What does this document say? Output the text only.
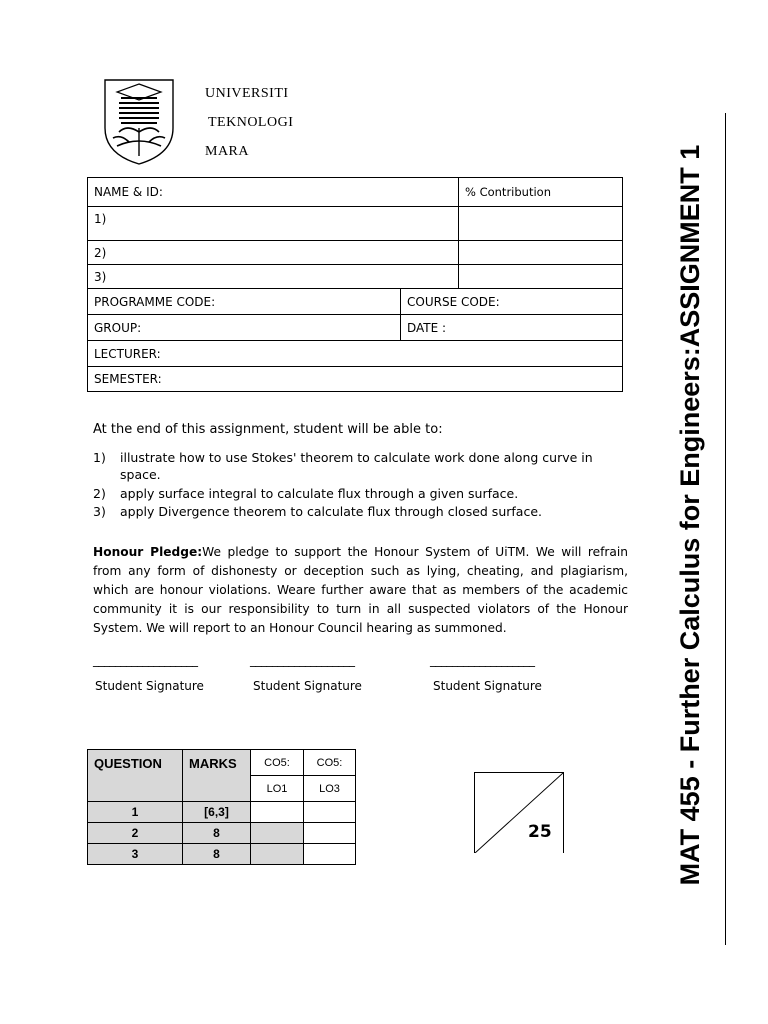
UNIVERSITI
TEKNOLOGI
MARA
NAME & ID:		% Contribution
1)		
2)		
3)		
PROGRAMME CODE:	COURSE CODE:	
GROUP:	DATE :	
LECTURER:		
SEMESTER:		
At the end of this assignment, student will be able to:
1) illustrate how to use Stokes' theorem to calculate work done along curve in space.
2) apply surface integral to calculate flux through a given surface.
3) apply Divergence theorem to calculate flux through closed surface.
Honour Pledge:We pledge to support the Honour System of UiTM. We will refrain from any form of dishonesty or deception such as lying, cheating, and plagiarism, which are honour violations. Weare further aware that as members of the academic community it is our responsibility to turn in all suspected violators of the Honour System. We will report to an Honour Council hearing as summoned.
___________________	___________________	___________________
Student Signature	Student Signature	Student Signature
QUESTION	MARKS	CO5:	CO5:
		LO1	LO3
1	[6,3]		
2	8		
3	8		
25	MAT 455 - Further Calculus for Engineers:ASSIGNMENT 1
